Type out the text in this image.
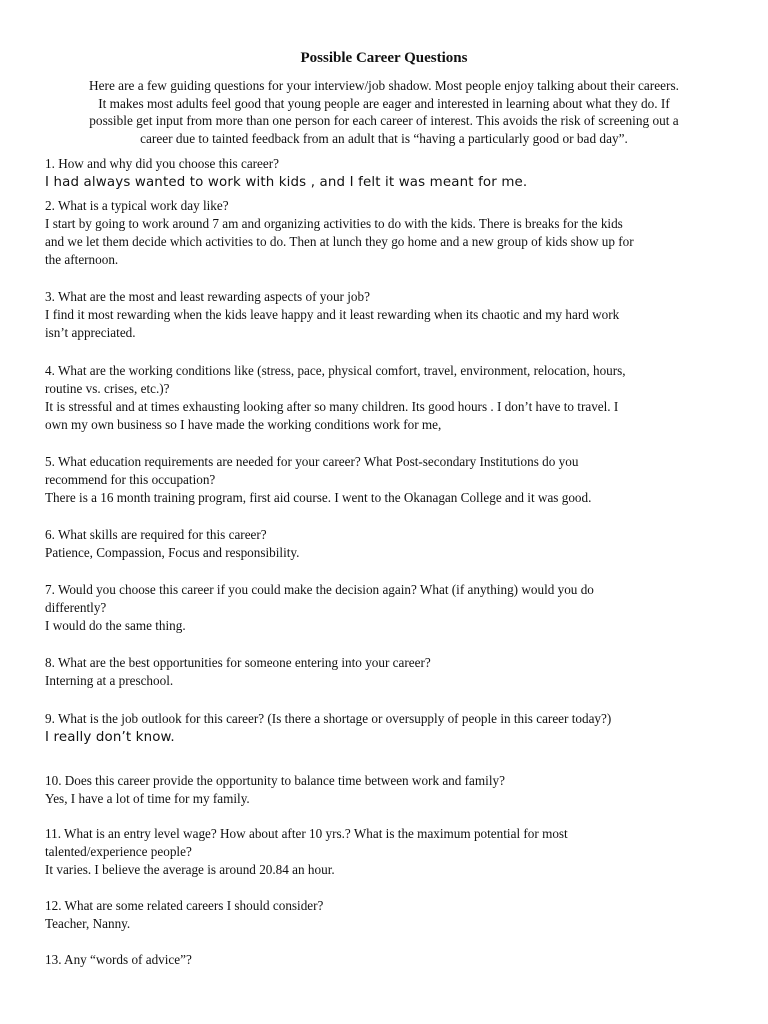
Possible Career Questions
Here are a few guiding questions for your interview/job shadow. Most people enjoy talking about their careers.
It makes most adults feel good that young people are eager and interested in learning about what they do. If
possible get input from more than one person for each career of interest. This avoids the risk of screening out a
career due to tainted feedback from an adult that is “having a particularly good or bad day”.
1. How and why did you choose this career?
I had always wanted to work with kids , and I felt it was meant for me.
2. What is a typical work day like?
I start by going to work around 7 am and organizing activities to do with the kids. There is breaks for the kids
and we let them decide which activities to do. Then at lunch they go home and a new group of kids show up for
the afternoon.
3. What are the most and least rewarding aspects of your job?
I find it most rewarding when the kids leave happy and it least rewarding when its chaotic and my hard work
isn’t appreciated.
4. What are the working conditions like (stress, pace, physical comfort, travel, environment, relocation, hours,
routine vs. crises, etc.)?
It is stressful and at times exhausting looking after so many children. Its good hours . I don’t have to travel. I
own my own business so I have made the working conditions work for me,
5. What education requirements are needed for your career? What Post-secondary Institutions do you
recommend for this occupation?
There is a 16 month training program, first aid course. I went to the Okanagan College and it was good.
6. What skills are required for this career?
Patience, Compassion, Focus and responsibility.
7. Would you choose this career if you could make the decision again? What (if anything) would you do
differently?
I would do the same thing.
8. What are the best opportunities for someone entering into your career?
Interning at a preschool.
9. What is the job outlook for this career? (Is there a shortage or oversupply of people in this career today?)
I really don’t know.
10. Does this career provide the opportunity to balance time between work and family?
Yes, I have a lot of time for my family.
11. What is an entry level wage? How about after 10 yrs.? What is the maximum potential for most
talented/experience people?
It varies. I believe the average is around 20.84 an hour.
12. What are some related careers I should consider?
Teacher, Nanny.
13. Any “words of advice”?
